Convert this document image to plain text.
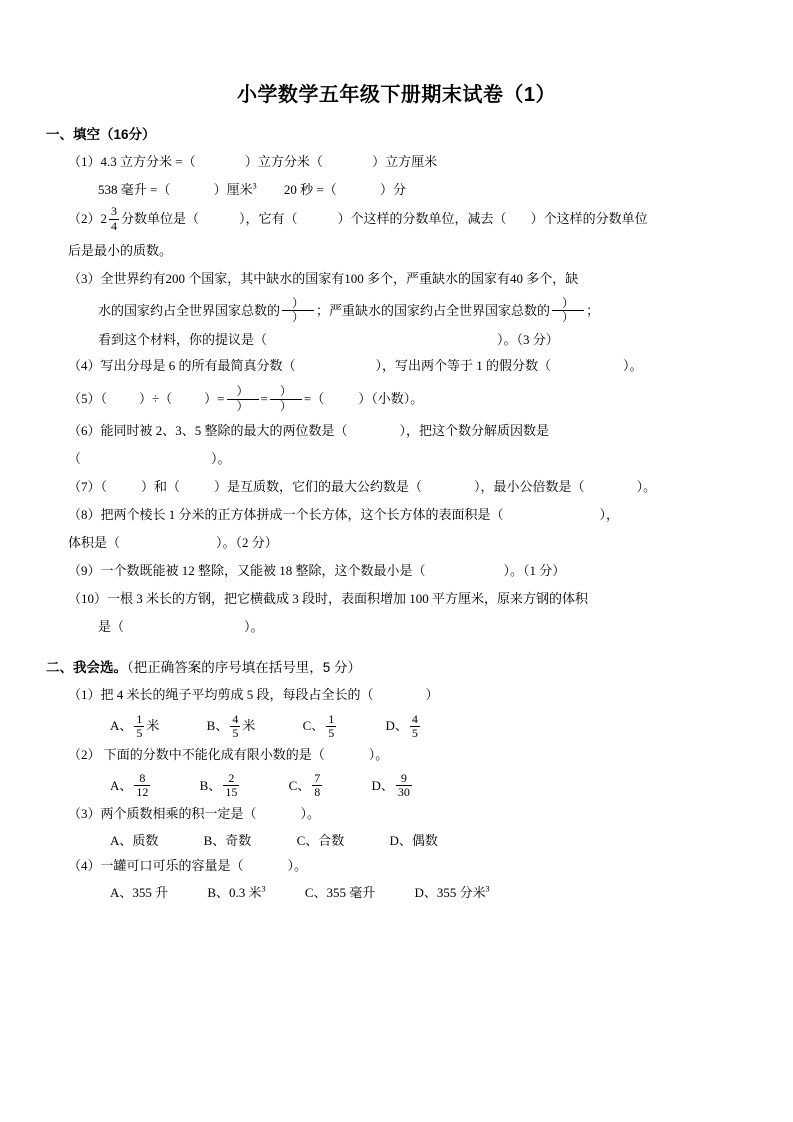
小学数学五年级下册期末试卷（1）
一、填空（16分）
（1）4.3 立方分米 =（	）立方分米（	）立方厘米
538 毫升 =（	）厘米$^3$ 20 秒 =（	）分
$(2)2 \frac{3}{4}$ 分数单位是（	），它有（	）个这样的分数单位，减去（ ）个这样的分数单位
后是最小的质数。
（3）全世界约有200 个国家，其中缺水的国家有100 多个，严重缺水的国家有40 多个，缺
水的国家约占全世界国家总数的 $\frac{)}{)}$ ；严重缺水的国家约占全世界国家总数的 $\frac{)}{)}$ ；
看到这个材料，你的提议是（	）。（3 分）
（4）写出分母是 6 的所有最简真分数（	），写出两个等于 1 的假分数（	）。
（5）（ ）÷（ ）= $\frac{)}{)} = \frac{)}{)}$ =（	）（小数）。
（6）能同时被 2、3、5 整除的最大的两位数是（	），把这个数分解质因数是
（	）。
（7）（	）和（	）是互质数，它们的最大公约数是（	），最小公倍数是（	）。
（8）把两个棱长 1 分米的正方体拼成一个长方体，这个长方体的表面积是（	），
体积是（	）。（2 分）
（9）一个数既能被 12 整除，又能被 18 整除，这个数最小是（	）。（1 分）
（10）一根 3 米长的方钢，把它横截成 3 段时，表面积增加 100 平方厘米，原来方钢的体积
是（	）。
二、我会选。（把正确答案的序号填在括号里，5 分）
（1）把 4 米长的绳子平均剪成 5 段，每段占全长的（	）
A、 $\frac{1}{5}$ 米	B、 $\frac{4}{5}$ 米	C、 $\frac{1}{5}$	D、 $\frac{4}{5}$
（2） 下面的分数中不能化成有限小数的是（	）。
A、 $\frac{8}{12}$	B、 $\frac{2}{15}$	C、 $\frac{7}{8}$	D、 $\frac{9}{30}$
（3）两个质数相乘的积一定是（	）。
A、质数	B、奇数	C、合数	D、偶数
（4）一罐可口可乐的容量是（	）。
A、355 升	B、0.3 米$^3$	C、355 毫升	D、355 分米$^3$
